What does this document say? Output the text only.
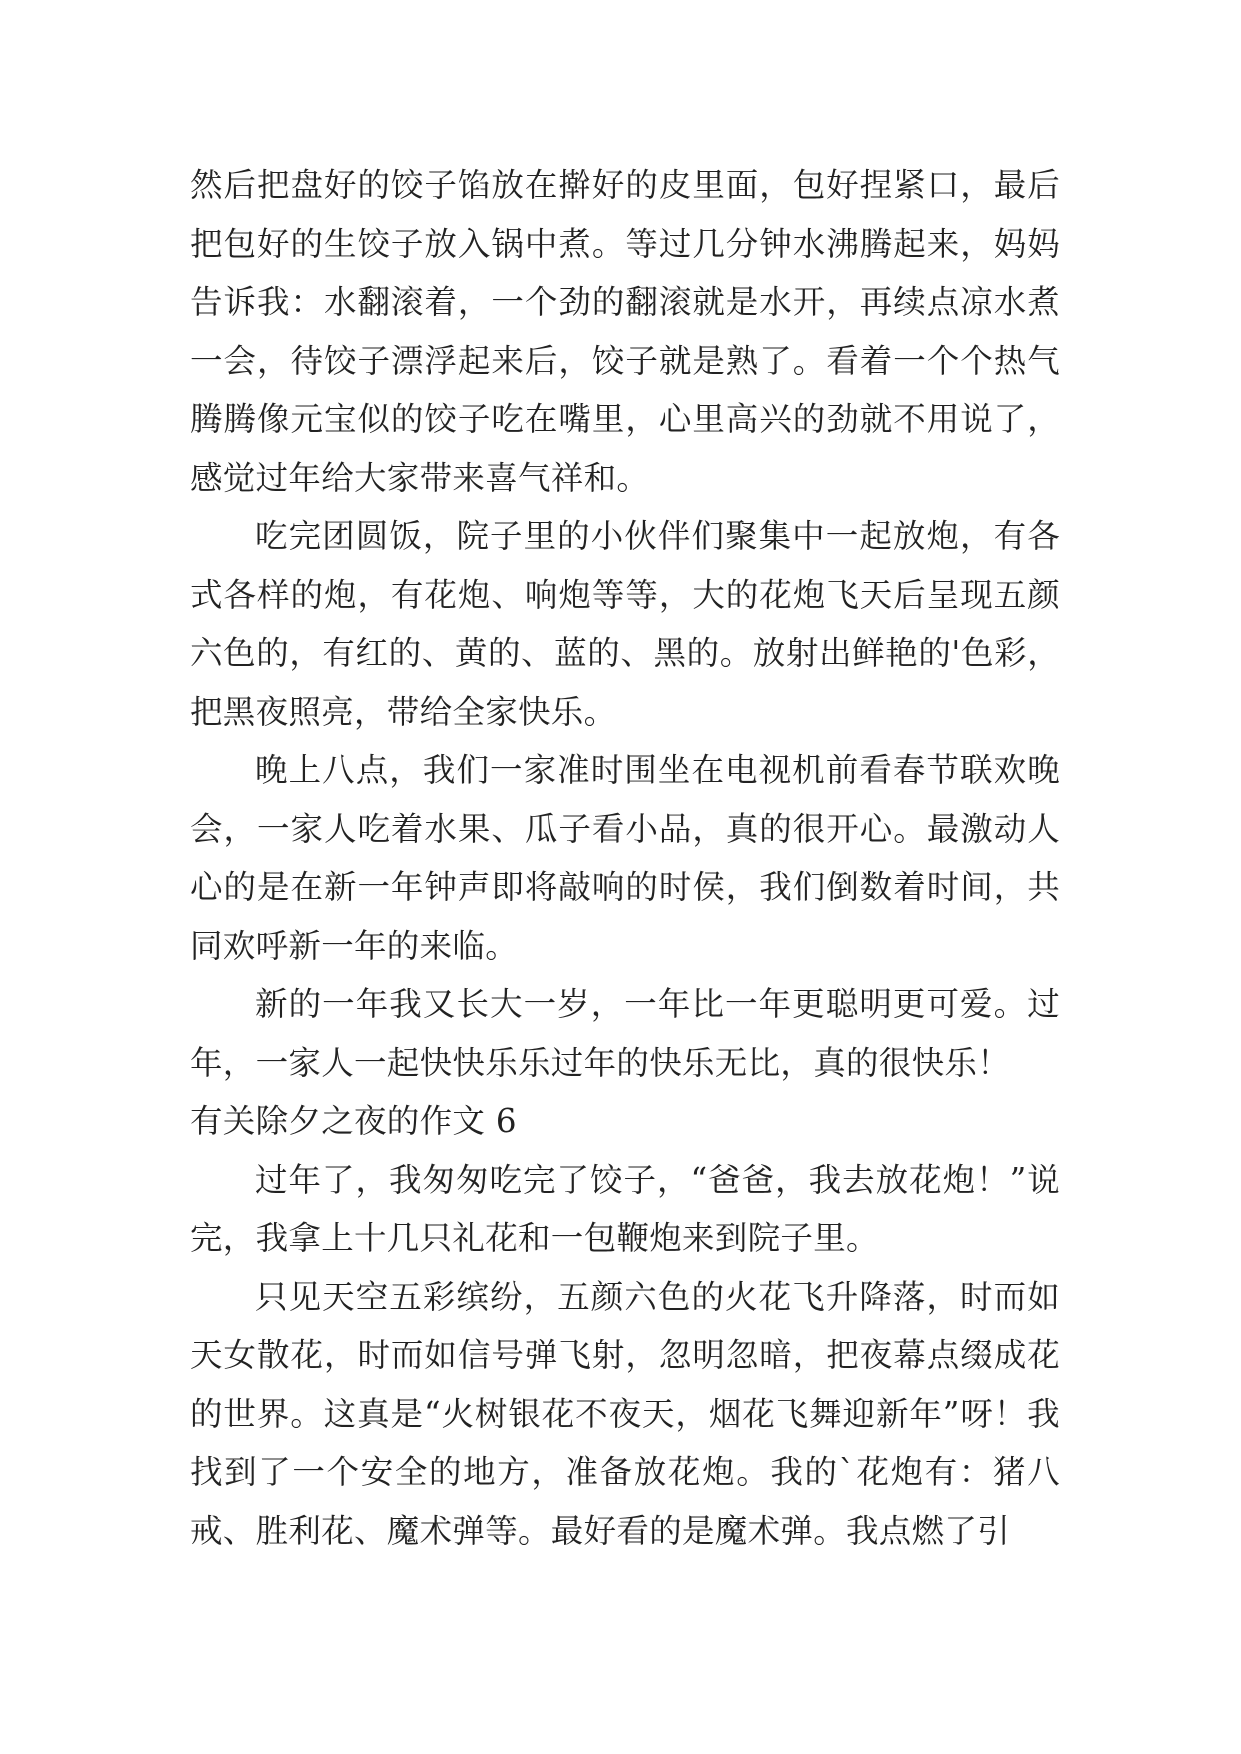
然后把盘好的饺子馅放在擀好的皮里面，包好捏紧口，最后把包好的生饺子放入锅中煮。等过几分钟水沸腾起来，妈妈告诉我：水翻滚着，一个劲的翻滚就是水开，再续点凉水煮一会，待饺子漂浮起来后，饺子就是熟了。看着一个个热气腾腾像元宝似的饺子吃在嘴里，心里高兴的劲就不用说了，感觉过年给大家带来喜气祥和。

吃完团圆饭，院子里的小伙伴们聚集中一起放炮，有各式各样的炮，有花炮、响炮等等，大的花炮飞天后呈现五颜六色的，有红的、黄的、蓝的、黑的。放射出鲜艳的'色彩，把黑夜照亮，带给全家快乐。

晚上八点，我们一家准时围坐在电视机前看春节联欢晚会，一家人吃着水果、瓜子看小品，真的很开心。最激动人心的是在新一年钟声即将敲响的时侯，我们倒数着时间，共同欢呼新一年的来临。

新的一年我又长大一岁，一年比一年更聪明更可爱。过年，一家人一起快快乐乐过年的快乐无比，真的很快乐！

有关除夕之夜的作文 6

过年了，我匆匆吃完了饺子，“爸爸，我去放花炮！”说完，我拿上十几只礼花和一包鞭炮来到院子里。

只见天空五彩缤纷，五颜六色的火花飞升降落，时而如天女散花，时而如信号弹飞射，忽明忽暗，把夜幕点缀成花的世界。这真是“火树银花不夜天，烟花飞舞迎新年”呀！我找到了一个安全的地方，准备放花炮。我的`花炮有：猪八戒、胜利花、魔术弹等。最好看的是魔术弹。我点燃了引
